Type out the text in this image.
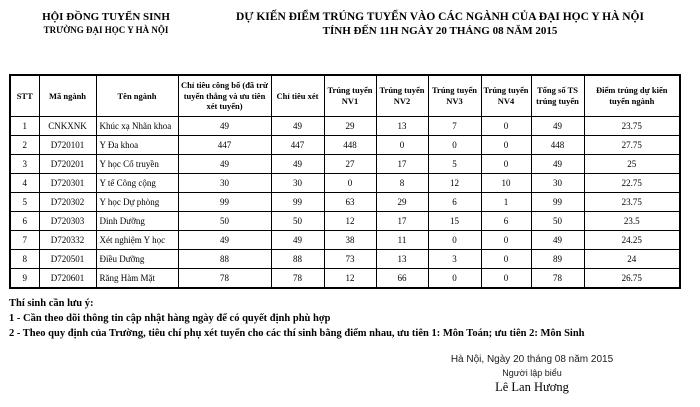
HỘI ĐỒNG TUYỂN SINH
TRƯỜNG ĐẠI HỌC Y HÀ NỘI
DỰ KIẾN ĐIỂM TRÚNG TUYỂN VÀO CÁC NGÀNH CỦA ĐẠI HỌC Y HÀ NỘI
TÍNH ĐẾN 11H NGÀY 20 THÁNG 08 NĂM 2015
STT	Mã ngành	Tên ngành	Chỉ tiêu công bố (đã trừ tuyển thẳng và ưu tiên xét tuyển)	Chỉ tiêu xét	Trúng tuyển NV1	Trúng tuyển NV2	Trúng tuyển NV3	Trúng tuyển NV4	Tổng số TS trúng tuyển	Điểm trúng dự kiến tuyển ngành
1	CNKXNK	Khúc xạ Nhãn khoa	49	49	29	13	7	0	49	23.75
2	D720101	Y Đa khoa	447	447	448	0	0	0	448	27.75
3	D720201	Y học Cổ truyền	49	49	27	17	5	0	49	25
4	D720301	Y tế Công cộng	30	30	0	8	12	10	30	22.75
5	D720302	Y học Dự phòng	99	99	63	29	6	1	99	23.75
6	D720303	Dinh Dưỡng	50	50	12	17	15	6	50	23.5
7	D720332	Xét nghiệm Y học	49	49	38	11	0	0	49	24.25
8	D720501	Điều Dưỡng	88	88	73	13	3	0	89	24
9	D720601	Răng Hàm Mặt	78	78	12	66	0	0	78	26.75
Thí sinh cần lưu ý:
1 - Cần theo dõi thông tin cập nhật hàng ngày để có quyết định phù hợp
2 - Theo quy định của Trường, tiêu chí phụ xét tuyển cho các thí sinh bằng điểm nhau, ưu tiên 1: Môn Toán; ưu tiên 2: Môn Sinh
Hà Nội, Ngày 20 tháng 08 năm 2015
Người lập biểu
Lê Lan Hương
